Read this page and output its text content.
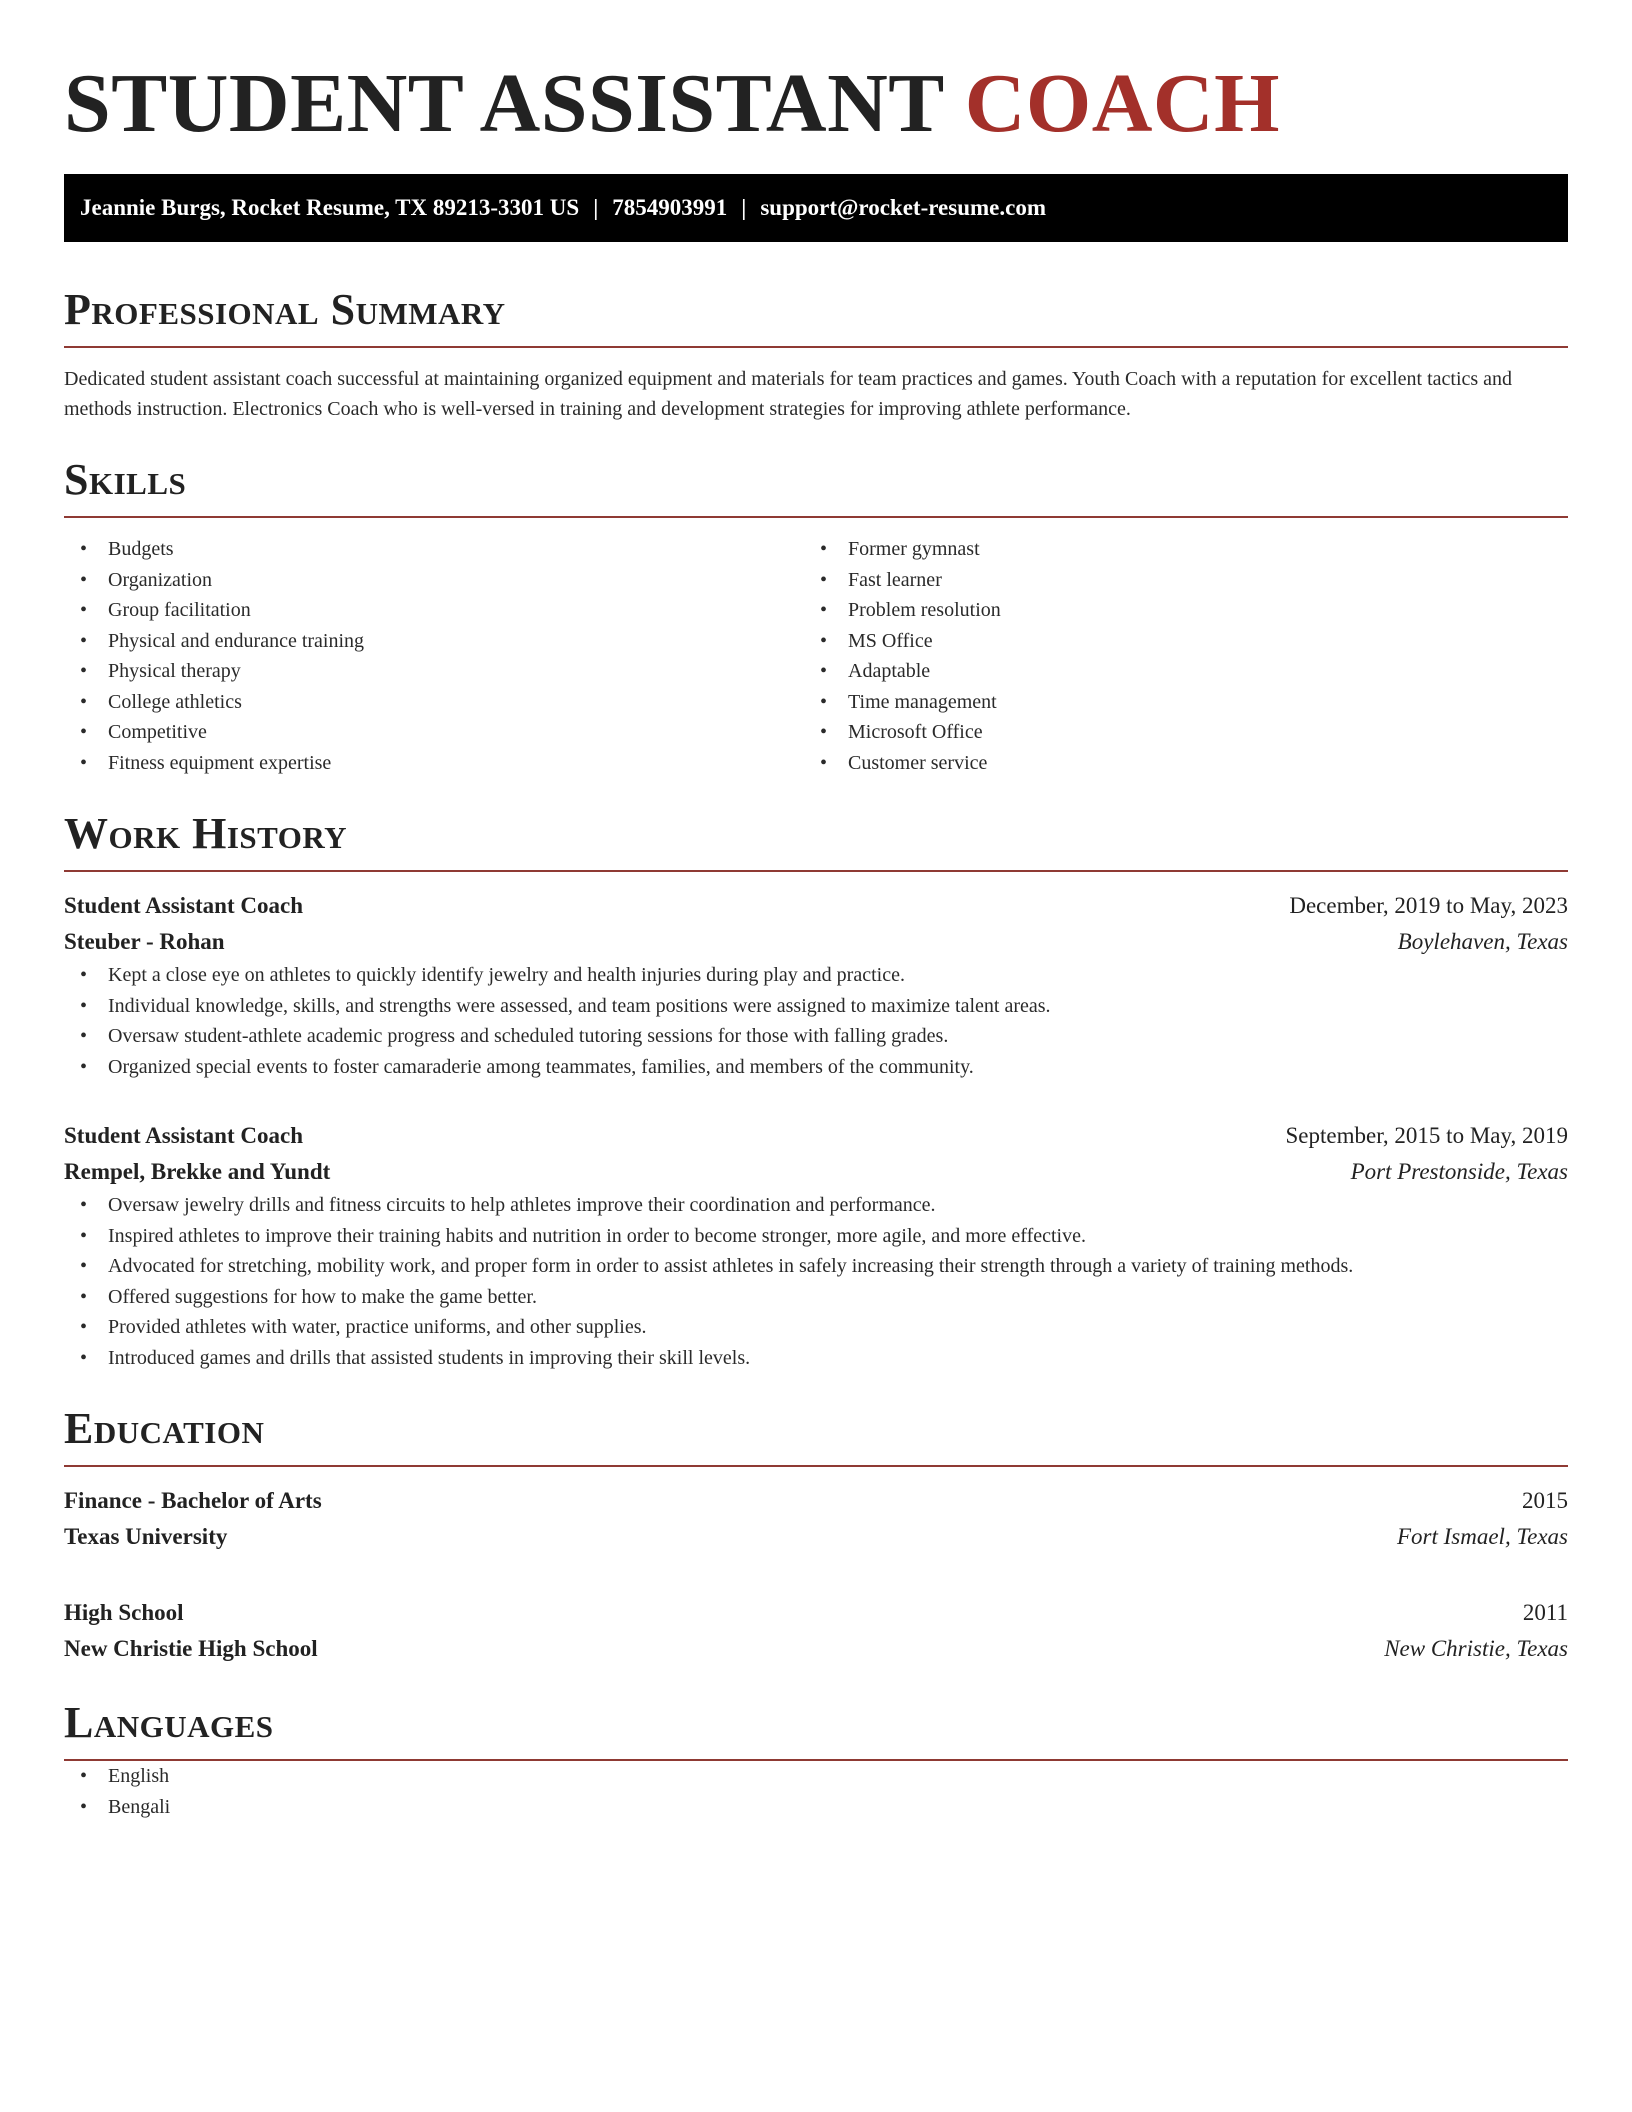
STUDENT ASSISTANT COACH
Jeannie Burgs, Rocket Resume, TX 89213-3301 US | 7854903991 | support@rocket-resume.com
Professional Summary

Dedicated student assistant coach successful at maintaining organized equipment and materials for team practices and games. Youth Coach with a reputation for excellent tactics and methods instruction. Electronics Coach who is well-versed in training and development strategies for improving athlete performance.

Skills
• Budgets
• Organization
• Group facilitation
• Physical and endurance training
• Physical therapy
• College athletics
• Competitive
• Fitness equipment expertise
• Former gymnast
• Fast learner
• Problem resolution
• MS Office
• Adaptable
• Time management
• Microsoft Office
• Customer service
Work History
Student Assistant Coach	December, 2019 to May, 2023
Steuber - Rohan	Boylehaven, Texas
• Kept a close eye on athletes to quickly identify jewelry and health injuries during play and practice.
• Individual knowledge, skills, and strengths were assessed, and team positions were assigned to maximize talent areas.
• Oversaw student-athlete academic progress and scheduled tutoring sessions for those with falling grades.
• Organized special events to foster camaraderie among teammates, families, and members of the community.
Student Assistant Coach	September, 2015 to May, 2019
Rempel, Brekke and Yundt	Port Prestonside, Texas
• Oversaw jewelry drills and fitness circuits to help athletes improve their coordination and performance.
• Inspired athletes to improve their training habits and nutrition in order to become stronger, more agile, and more effective.
• Advocated for stretching, mobility work, and proper form in order to assist athletes in safely increasing their strength through a variety of training methods.
• Offered suggestions for how to make the game better.
• Provided athletes with water, practice uniforms, and other supplies.
• Introduced games and drills that assisted students in improving their skill levels.
Education
Finance - Bachelor of Arts	2015
Texas University	Fort Ismael, Texas
High School	2011
New Christie High School	New Christie, Texas
Languages
• English
• Bengali
